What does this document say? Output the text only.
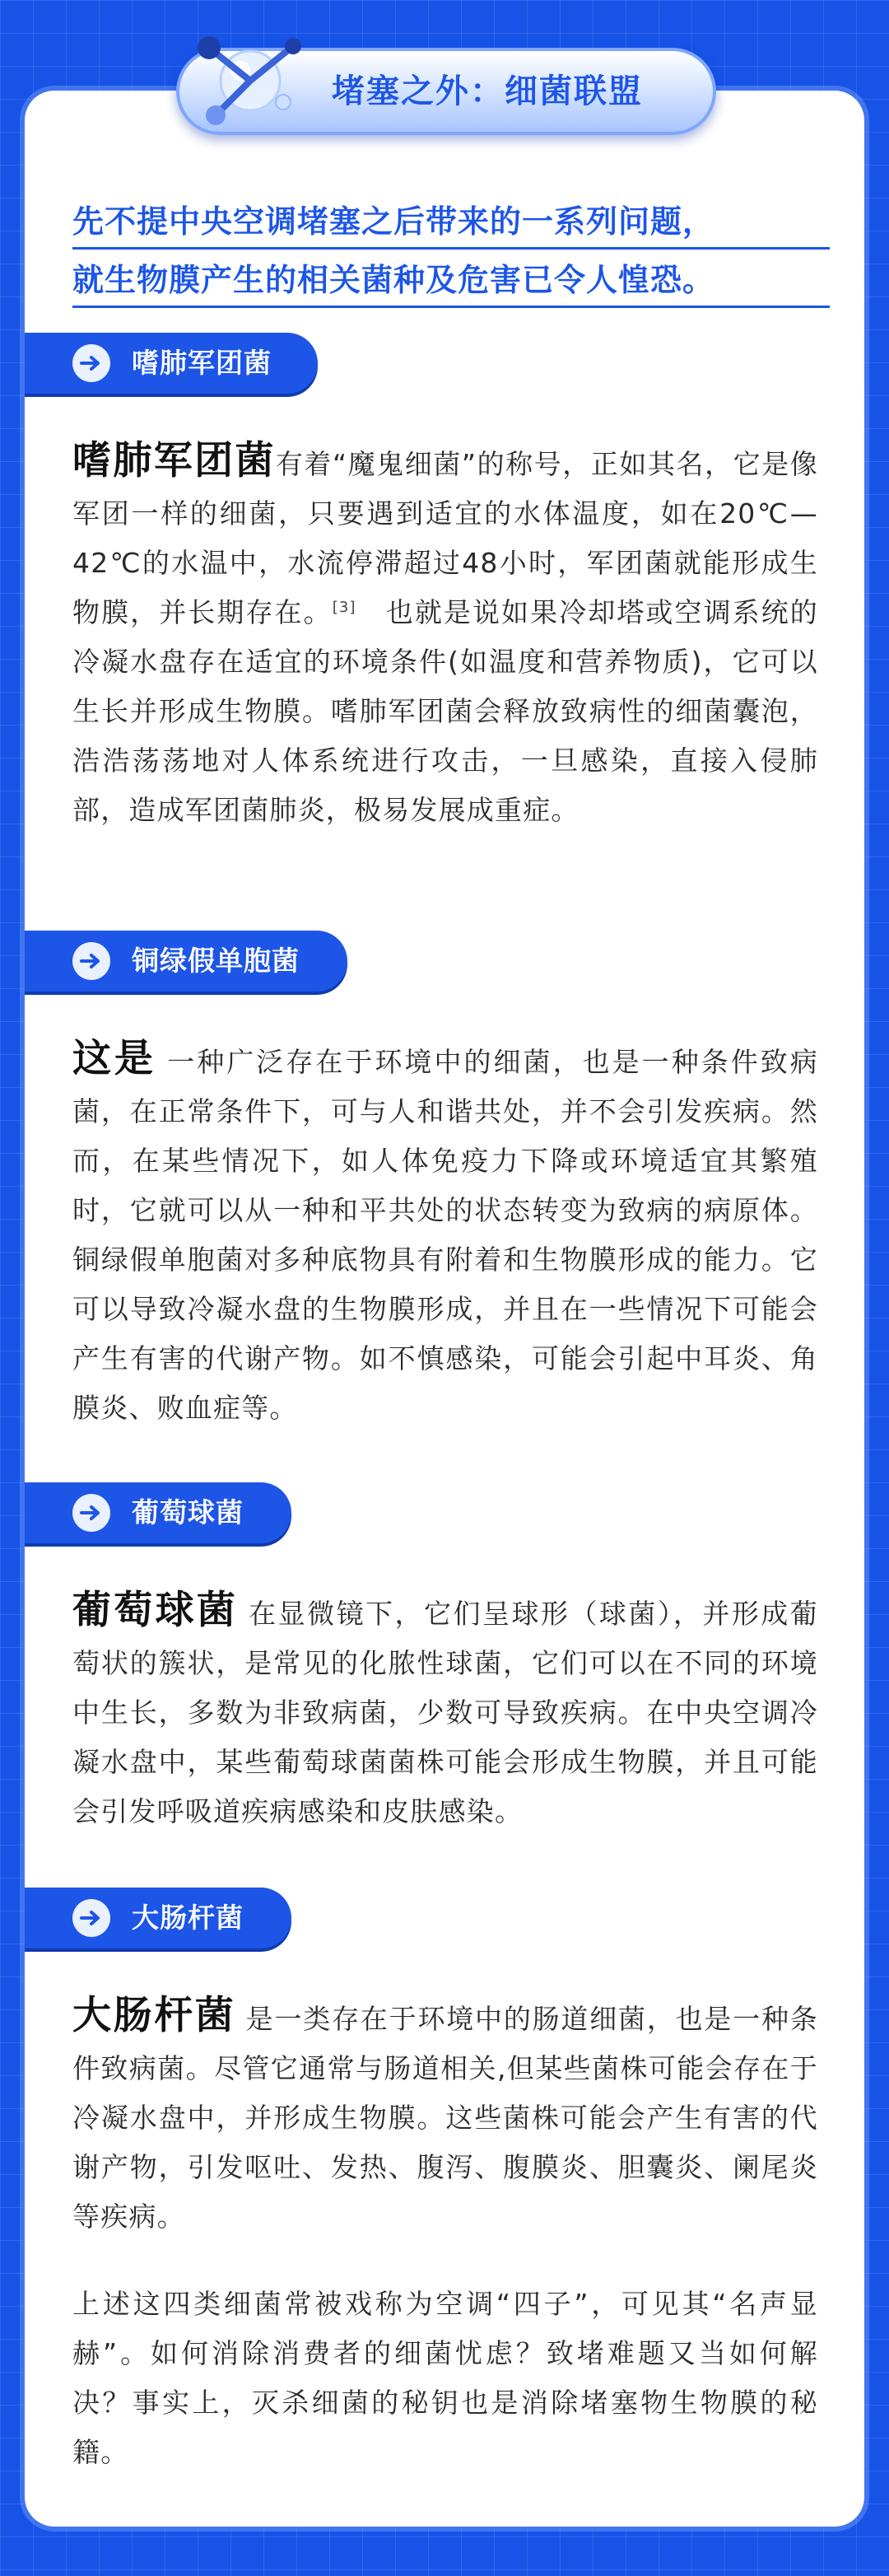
堵塞之外：细菌联盟
先不提中央空调堵塞之后带来的一系列问题，
就生物膜产生的相关菌种及危害已令人惶恐。
嗜肺军团菌

嗜肺军团菌有着“魔鬼细菌”的称号，正如其名，它是像军团一样的细菌，只要遇到适宜的水体温度，如在20℃—42℃的水温中，水流停滞超过48小时，军团菌就能形成生物膜，并长期存在。[3]　也就是说如果冷却塔或空调系统的冷凝水盘存在适宜的环境条件(如温度和营养物质)，它可以生长并形成生物膜。嗜肺军团菌会释放致病性的细菌囊泡，浩浩荡荡地对人体系统进行攻击，一旦感染，直接入侵肺部，造成军团菌肺炎，极易发展成重症。

铜绿假单胞菌

这是 一种广泛存在于环境中的细菌，也是一种条件致病菌，在正常条件下，可与人和谐共处，并不会引发疾病。然而，在某些情况下，如人体免疫力下降或环境适宜其繁殖时，它就可以从一种和平共处的状态转变为致病的病原体。铜绿假单胞菌对多种底物具有附着和生物膜形成的能力。它可以导致冷凝水盘的生物膜形成，并且在一些情况下可能会产生有害的代谢产物。如不慎感染，可能会引起中耳炎、角膜炎、败血症等。

葡萄球菌

葡萄球菌 在显微镜下，它们呈球形（球菌），并形成葡萄状的簇状，是常见的化脓性球菌，它们可以在不同的环境中生长，多数为非致病菌，少数可导致疾病。在中央空调冷凝水盘中，某些葡萄球菌菌株可能会形成生物膜，并且可能会引发呼吸道疾病感染和皮肤感染。

大肠杆菌

大肠杆菌 是一类存在于环境中的肠道细菌，也是一种条件致病菌。尽管它通常与肠道相关,但某些菌株可能会存在于冷凝水盘中，并形成生物膜。这些菌株可能会产生有害的代谢产物，引发呕吐、发热、腹泻、腹膜炎、胆囊炎、阑尾炎等疾病。

上述这四类细菌常被戏称为空调“四子”，可见其“名声显赫”。如何消除消费者的细菌忧虑？致堵难题又当如何解决？事实上，灭杀细菌的秘钥也是消除堵塞物生物膜的秘籍。
